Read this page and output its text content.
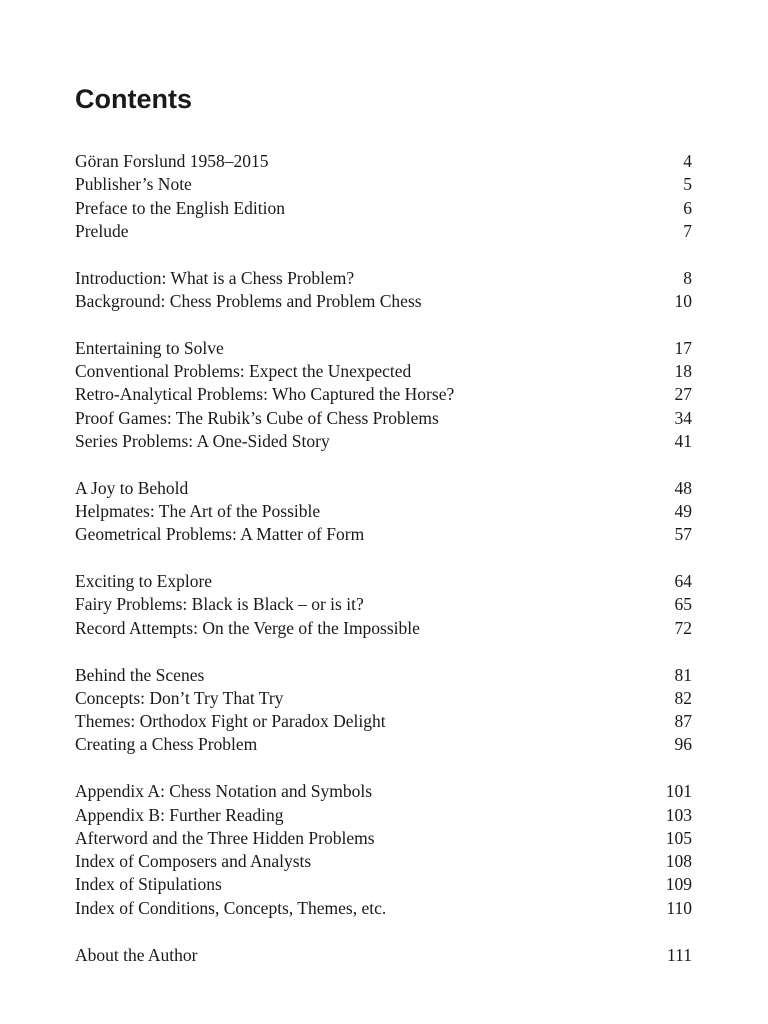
Contents
Göran Forslund 1958–2015	4
Publisher’s Note	5
Preface to the English Edition	6
Prelude	7
Introduction: What is a Chess Problem?	8
Background: Chess Problems and Problem Chess	10
Entertaining to Solve	17
Conventional Problems: Expect the Unexpected	18
Retro-Analytical Problems: Who Captured the Horse?	27
Proof Games: The Rubik’s Cube of Chess Problems	34
Series Problems: A One-Sided Story	41
A Joy to Behold	48
Helpmates: The Art of the Possible	49
Geometrical Problems: A Matter of Form	57
Exciting to Explore	64
Fairy Problems: Black is Black – or is it?	65
Record Attempts: On the Verge of the Impossible	72
Behind the Scenes	81
Concepts: Don’t Try That Try	82
Themes: Orthodox Fight or Paradox Delight	87
Creating a Chess Problem	96
Appendix A: Chess Notation and Symbols	101
Appendix B: Further Reading	103
Afterword and the Three Hidden Problems	105
Index of Composers and Analysts	108
Index of Stipulations	109
Index of Conditions, Concepts, Themes, etc.	110
About the Author	111
